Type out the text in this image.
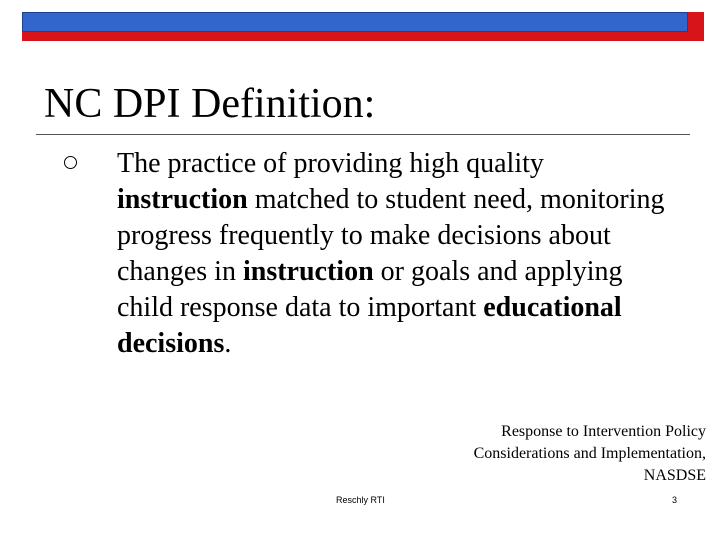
NC DPI Definition:
The practice of providing high quality instruction matched to student need, monitoring progress frequently to make decisions about changes in instruction or goals and applying child response data to important educational decisions.
Response to Intervention Policy
Considerations and Implementation,
NASDSE
Reschly RTI	3
